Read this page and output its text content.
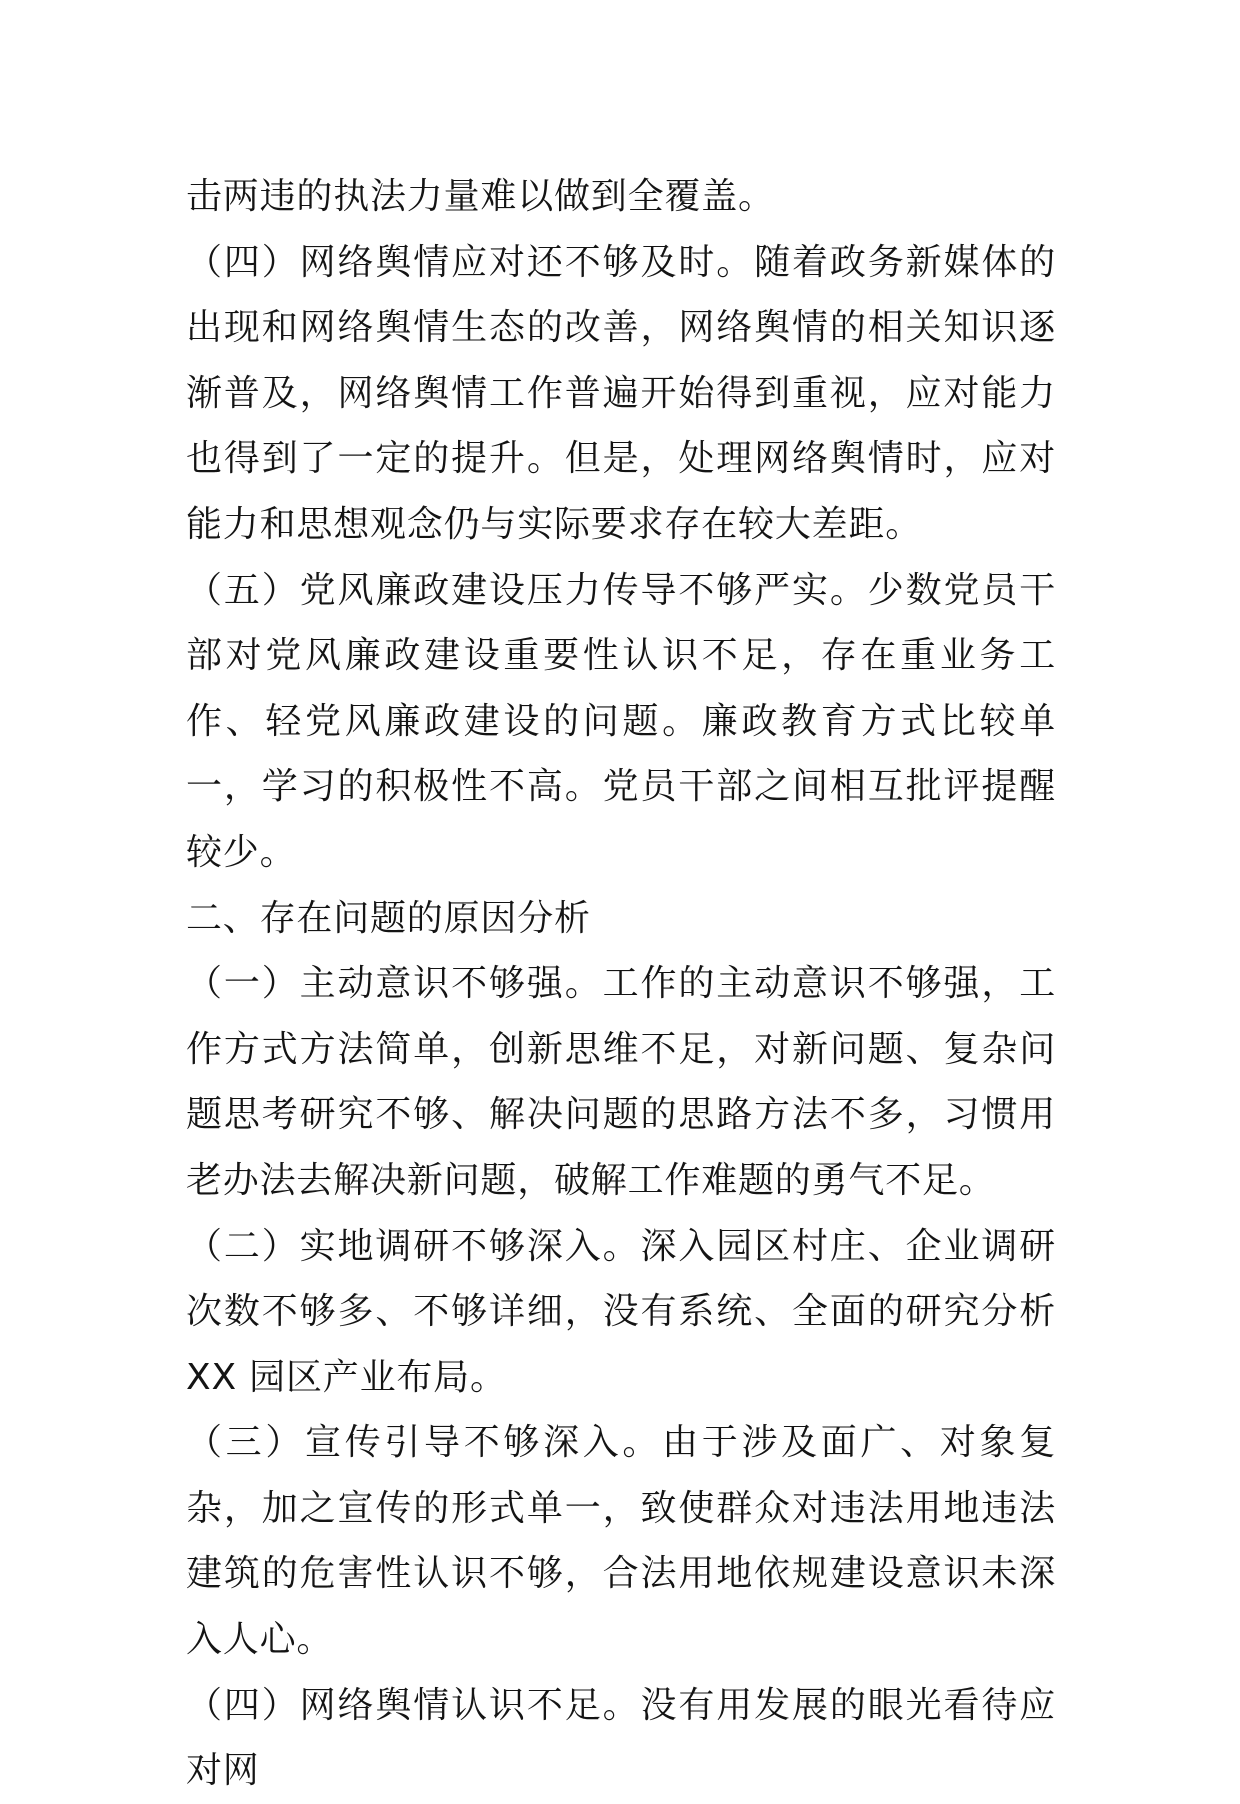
击两违的执法力量难以做到全覆盖。

（四）网络舆情应对还不够及时。随着政务新媒体的出现和网络舆情生态的改善，网络舆情的相关知识逐渐普及，网络舆情工作普遍开始得到重视，应对能力也得到了一定的提升。但是，处理网络舆情时，应对能力和思想观念仍与实际要求存在较大差距。

（五）党风廉政建设压力传导不够严实。少数党员干部对党风廉政建设重要性认识不足，存在重业务工作、轻党风廉政建设的问题。廉政教育方式比较单一，学习的积极性不高。党员干部之间相互批评提醒较少。

二、存在问题的原因分析

（一）主动意识不够强。工作的主动意识不够强，工作方式方法简单，创新思维不足，对新问题、复杂问题思考研究不够、解决问题的思路方法不多，习惯用老办法去解决新问题，破解工作难题的勇气不足。

（二）实地调研不够深入。深入园区村庄、企业调研次数不够多、不够详细，没有系统、全面的研究分析 XX 园区产业布局。

（三）宣传引导不够深入。由于涉及面广、对象复杂，加之宣传的形式单一，致使群众对违法用地违法建筑的危害性认识不够，合法用地依规建设意识未深入人心。

（四）网络舆情认识不足。没有用发展的眼光看待应对网
